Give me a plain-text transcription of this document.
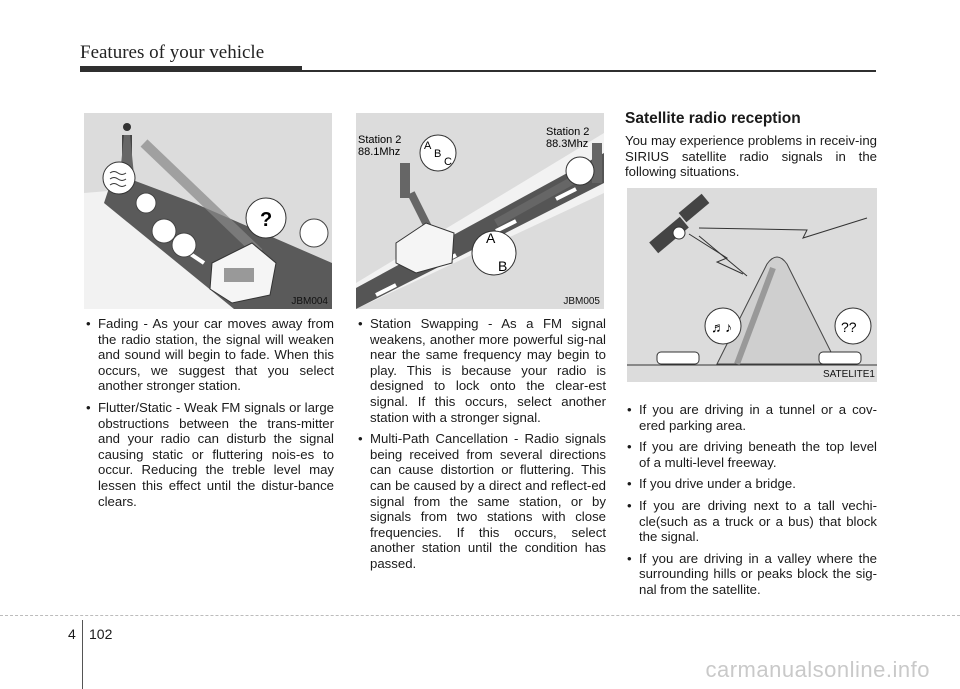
Features of your vehicle
?
JBM004
Station 2
88.1Mhz
Station 2
88.3Mhz
A
B
C
A
B
JBM005
♬♪	??
SATELITE1
• Fading - As your car moves away from the radio station, the signal will weaken and sound will begin to fade. When this occurs, we suggest that you select another stronger station.
• Flutter/Static - Weak FM signals or large obstructions between the trans-mitter and your radio can disturb the signal causing static or fluttering nois-es to occur. Reducing the treble level may lessen this effect until the distur-bance clears.
• Station Swapping - As a FM signal weakens, another more powerful sig-nal near the same frequency may begin to play. This is because your radio is designed to lock onto the clear-est signal. If this occurs, select another station with a stronger signal.
• Multi-Path Cancellation - Radio signals being received from several directions can cause distortion or fluttering. This can be caused by a direct and reflect-ed signal from the same station, or by signals from two stations with close frequencies. If this occurs, select another station until the condition has passed.
Satellite radio reception
You may experience problems in receiv-ing SIRIUS satellite radio signals in the following situations.
• If you are driving in a tunnel or a cov-ered parking area.
• If you are driving beneath the top level of a multi-level freeway.
• If you drive under a bridge.
• If you are driving next to a tall vechi-cle(such as a truck or a bus) that block the signal.
• If you are driving in a valley where the surrounding hills or peaks block the sig-nal from the satellite.
4 102
carmanualsonline.info
